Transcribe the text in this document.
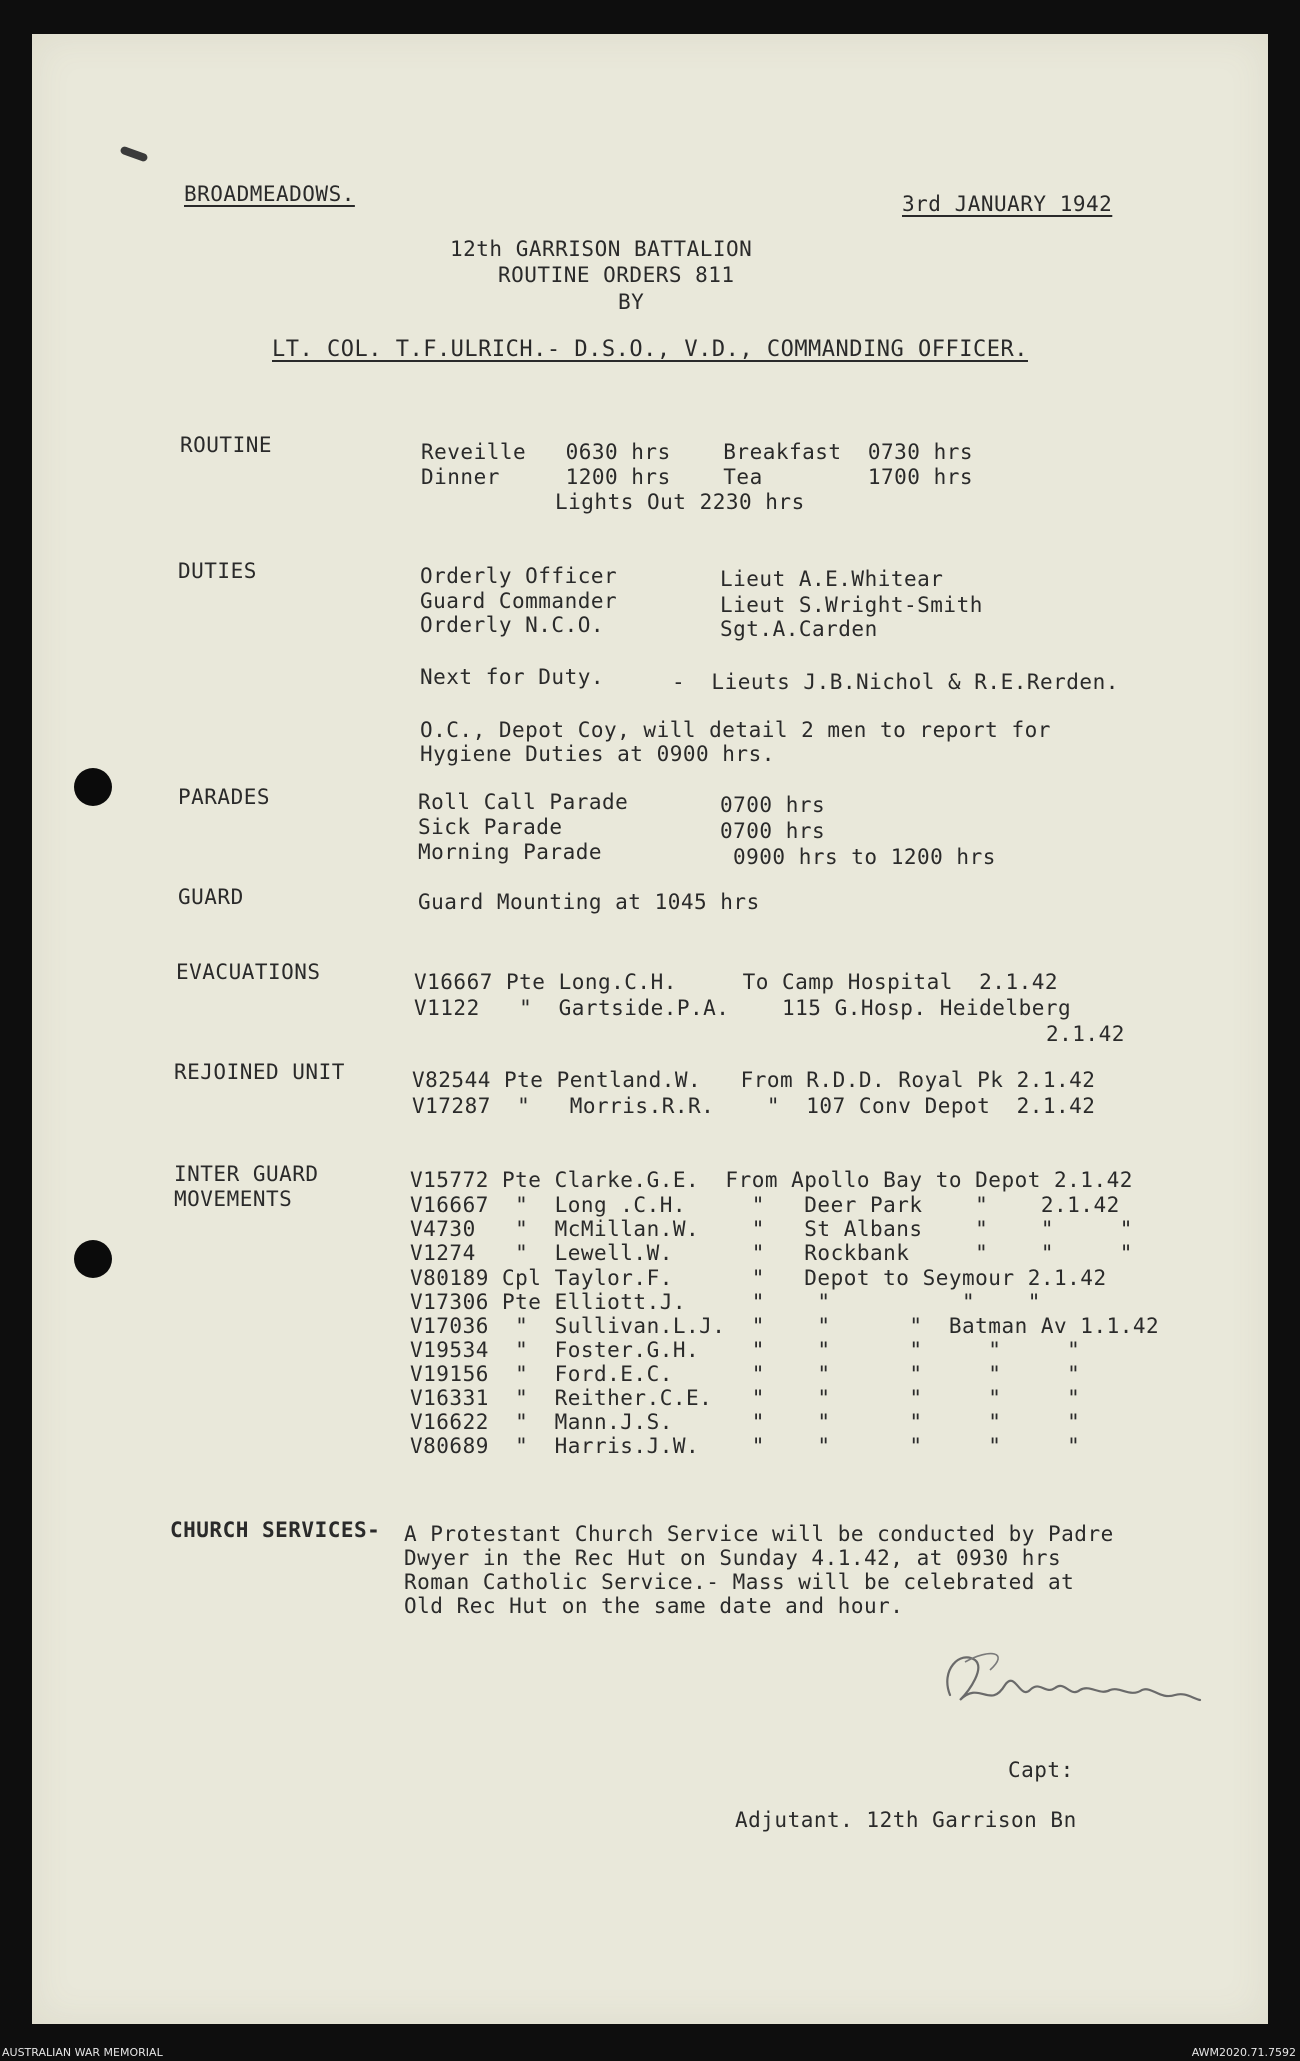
BROADMEADOWS.	3rd JANUARY 1942
12th GARRISON BATTALION
ROUTINE ORDERS 811
BY
LT. COL. T.F.ULRICH.- D.S.O., V.D., COMMANDING OFFICER.
ROUTINE	Reveille   0630 hrs    Breakfast  0730 hrs
Dinner     1200 hrs    Tea        1700 hrs
Lights Out 2230 hrs
DUTIES	Orderly Officer	Lieut A.E.Whitear
Guard Commander	Lieut S.Wright-Smith
Orderly N.C.O.	Sgt.A.Carden
Next for Duty.	-  Lieuts J.B.Nichol & R.E.Rerden.
O.C., Depot Coy, will detail 2 men to report for
Hygiene Duties at 0900 hrs.
PARADES	Roll Call Parade	0700 hrs
Sick Parade	0700 hrs
Morning Parade	0900 hrs to 1200 hrs
GUARD	Guard Mounting at 1045 hrs
EVACUATIONS	V16667 Pte Long.C.H.     To Camp Hospital  2.1.42
V1122   "  Gartside.P.A.    115 G.Hosp. Heidelberg
2.1.42
REJOINED UNIT	V82544 Pte Pentland.W.   From R.D.D. Royal Pk 2.1.42
V17287  "   Morris.R.R.    "  107 Conv Depot  2.1.42
INTER GUARD
MOVEMENTS
V15772 Pte Clarke.G.E.  From Apollo Bay to Depot 2.1.42
V16667  "  Long .C.H.     "   Deer Park    "    2.1.42
V4730   "  McMillan.W.    "   St Albans    "    "     "
V1274   "  Lewell.W.      "   Rockbank     "    "     "
V80189 Cpl Taylor.F.      "   Depot to Seymour 2.1.42
V17306 Pte Elliott.J.     "    "          "    "
V17036  "  Sullivan.L.J.  "    "      "  Batman Av 1.1.42
V19534  "  Foster.G.H.    "    "      "     "     "
V19156  "  Ford.E.C.      "    "      "     "     "
V16331  "  Reither.C.E.   "    "      "     "     "
V16622  "  Mann.J.S.      "    "      "     "     "
V80689  "  Harris.J.W.    "    "      "     "     "
CHURCH SERVICES- A Protestant Church Service will be conducted by Padre
Dwyer in the Rec Hut on Sunday 4.1.42, at 0930 hrs
Roman Catholic Service.- Mass will be celebrated at
Old Rec Hut on the same date and hour.
Capt:
Adjutant. 12th Garrison Bn
AUSTRALIAN WAR MEMORIAL	AWM2020.71.7592
